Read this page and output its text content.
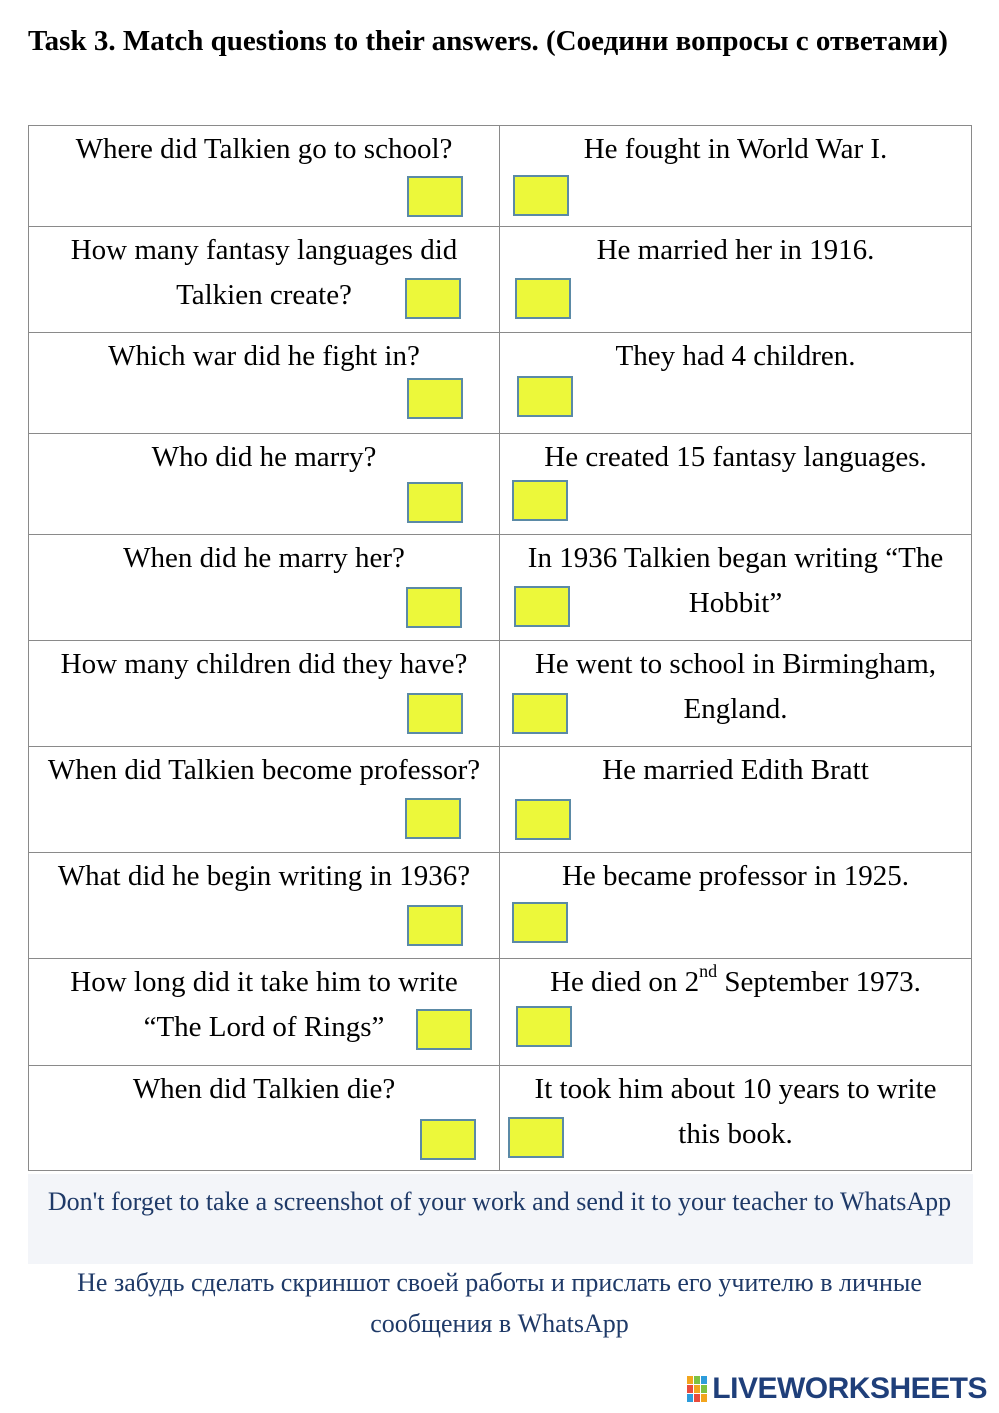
Task 3. Match questions to their answers. (Соедини вопросы с ответами)
Where did Talkien go to school?	He fought in World War I.

How many fantasy languages did Talkien create?	He married her in 1916.

Which war did he fight in?	They had 4 children.

Who did he marry?	He created 15 fantasy languages.

When did he marry her?	In 1936 Talkien began writing “The Hobbit”

How many children did they have?	He went to school in Birmingham, England.

When did Talkien become professor?	He married Edith Bratt

What did he begin writing in 1936?	He became professor in 1925.

How long did it take him to write “The Lord of Rings”	He died on 2nd September 1973.

When did Talkien die?	It took him about 10 years to write this book.
Don't forget to take a screenshot of your work and send it to your teacher to WhatsApp
Не забудь сделать скриншот своей работы и прислать его учителю в личные сообщения в WhatsApp
LIVEWORKSHEETS
